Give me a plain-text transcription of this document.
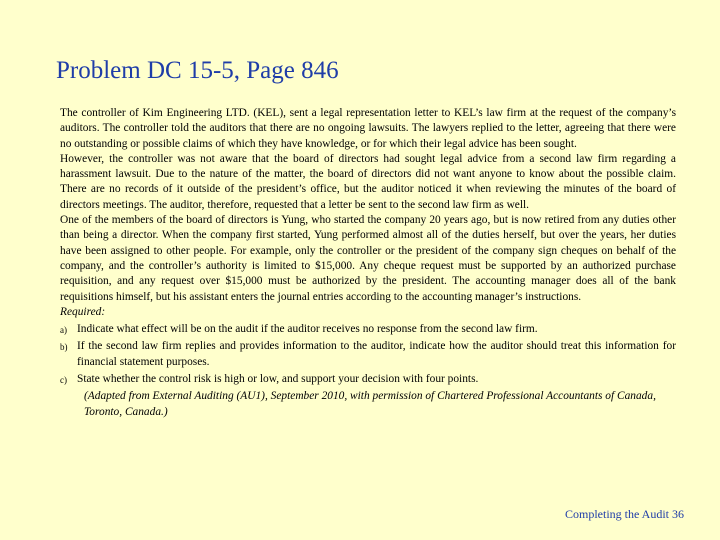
Problem DC 15-5, Page 846

The controller of Kim Engineering LTD. (KEL), sent a legal representation letter to KEL’s law firm at the request of the company’s auditors. The controller told the auditors that there are no ongoing lawsuits. The lawyers replied to the letter, agreeing that there were no outstanding or possible claims of which they have knowledge, or for which their legal advice has been sought.

However, the controller was not aware that the board of directors had sought legal advice from a second law firm regarding a harassment lawsuit. Due to the nature of the matter, the board of directors did not want anyone to know about the possible claim. There are no records of it outside of the president’s office, but the auditor noticed it when reviewing the minutes of the board of directors meetings. The auditor, therefore, requested that a letter be sent to the second law firm as well.

One of the members of the board of directors is Yung, who started the company 20 years ago, but is now retired from any duties other than being a director. When the company first started, Yung performed almost all of the duties herself, but over the years, her duties have been assigned to other people. For example, only the controller or the president of the company sign cheques on behalf of the company, and the controller’s authority is limited to $15,000. Any cheque request must be supported by an authorized purchase requisition, and any request over $15,000 must be authorized by the president. The accounting manager does all of the bank requisitions himself, but his assistant enters the journal entries according to the accounting manager’s instructions.

Required:

a) Indicate what effect will be on the audit if the auditor receives no response from the second law firm.
b) If the second law firm replies and provides information to the auditor, indicate how the auditor should treat this information for financial statement purposes.
c) State whether the control risk is high or low, and support your decision with four points.

(Adapted from External Auditing (AU1), September 2010, with permission of Chartered Professional Accountants of Canada, Toronto, Canada.)

Completing the Audit 36
